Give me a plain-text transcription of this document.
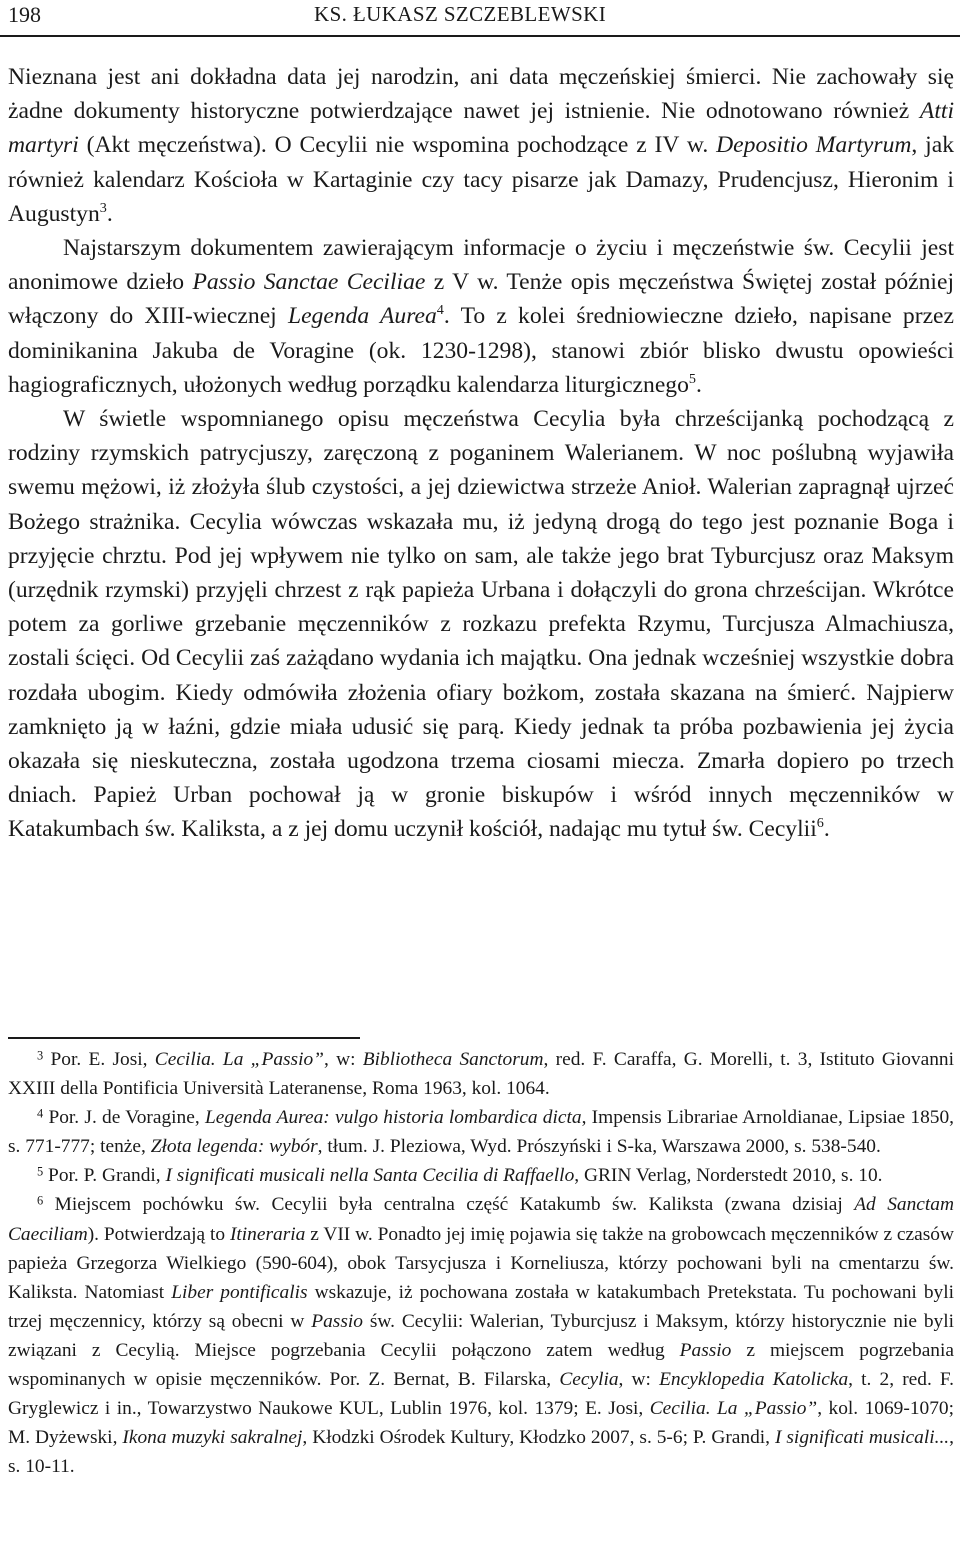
198	KS. ŁUKASZ SZCZEBLEWSKI

Nieznana jest ani dokładna data jej narodzin, ani data męczeńskiej śmierci. Nie zachowały się żadne dokumenty historyczne potwierdzające nawet jej istnienie. Nie odnotowano również Atti martyri (Akt męczeństwa). O Cecylii nie wspomina pochodzące z IV w. Depositio Martyrum, jak również kalendarz Kościoła w Kartaginie czy tacy pisarze jak Damazy, Prudencjusz, Hieronim i Augustyn$^3$.

Najstarszym dokumentem zawierającym informacje o życiu i męczeństwie św. Cecylii jest anonimowe dzieło Passio Sanctae Ceciliae z V w. Tenże opis męczeństwa Świętej został później włączony do XIII-wiecznej Legenda Aurea$^4$. To z kolei średniowieczne dzieło, napisane przez dominikanina Jakuba de Voragine (ok. 1230-1298), stanowi zbiór blisko dwustu opowieści hagiograficznych, ułożonych według porządku kalendarza liturgicznego$^5$.

W świetle wspomnianego opisu męczeństwa Cecylia była chrześcijanką pochodzącą z rodziny rzymskich patrycjuszy, zaręczoną z poganinem Walerianem. W noc poślubną wyjawiła swemu mężowi, iż złożyła ślub czystości, a jej dziewictwa strzeże Anioł. Walerian zapragnął ujrzeć Bożego strażnika. Cecylia wówczas wskazała mu, iż jedyną drogą do tego jest poznanie Boga i przyjęcie chrztu. Pod jej wpływem nie tylko on sam, ale także jego brat Tyburcjusz oraz Maksym (urzędnik rzymski) przyjęli chrzest z rąk papieża Urbana i dołączyli do grona chrześcijan. Wkrótce potem za gorliwe grzebanie męczenników z rozkazu prefekta Rzymu, Turcjusza Almachiusza, zostali ścięci. Od Cecylii zaś zażądano wydania ich majątku. Ona jednak wcześniej wszystkie dobra rozdała ubogim. Kiedy odmówiła złożenia ofiary bożkom, została skazana na śmierć. Najpierw zamknięto ją w łaźni, gdzie miała udusić się parą. Kiedy jednak ta próba pozbawienia jej życia okazała się nieskuteczna, została ugodzona trzema ciosami miecza. Zmarła dopiero po trzech dniach. Papież Urban pochował ją w gronie biskupów i wśród innych męczenników w Katakumbach św. Kaliksta, a z jej domu uczynił kościół, nadając mu tytuł św. Cecylii$^6$.

$^3$ Por. E. Josi, Cecilia. La „Passio”, w: Bibliotheca Sanctorum, red. F. Caraffa, G. Morelli, t. 3, Istituto Giovanni XXIII della Pontificia Università Lateranense, Roma 1963, kol. 1064.

$^4$ Por. J. de Voragine, Legenda Aurea: vulgo historia lombardica dicta, Impensis Librariae Arnoldianae, Lipsiae 1850, s. 771-777; tenże, Złota legenda: wybór, tłum. J. Pleziowa, Wyd. Prószyński i S-ka, Warszawa 2000, s. 538-540.

$^5$ Por. P. Grandi, I significati musicali nella Santa Cecilia di Raffaello, GRIN Verlag, Norderstedt 2010, s. 10.

$^6$ Miejscem pochówku św. Cecylii była centralna część Katakumb św. Kaliksta (zwana dzisiaj Ad Sanctam Caeciliam). Potwierdzają to Itineraria z VII w. Ponadto jej imię pojawia się także na grobowcach męczenników z czasów papieża Grzegorza Wielkiego (590-604), obok Tarsycjusza i Korneliusza, którzy pochowani byli na cmentarzu św. Kaliksta. Natomiast Liber pontificalis wskazuje, iż pochowana została w katakumbach Pretekstata. Tu pochowani byli trzej męczennicy, którzy są obecni w Passio św. Cecylii: Walerian, Tyburcjusz i Maksym, którzy historycznie nie byli związani z Cecylią. Miejsce pogrzebania Cecylii połączono zatem według Passio z miejscem pogrzebania wspominanych w opisie męczenników. Por. Z. Bernat, B. Filarska, Cecylia, w: Encyklopedia Katolicka, t. 2, red. F. Gryglewicz i in., Towarzystwo Naukowe KUL, Lublin 1976, kol. 1379; E. Josi, Cecilia. La „Passio”, kol. 1069-1070; M. Dyżewski, Ikona muzyki sakralnej, Kłodzki Ośrodek Kultury, Kłodzko 2007, s. 5-6; P. Grandi, I significati musicali..., s. 10-11.
